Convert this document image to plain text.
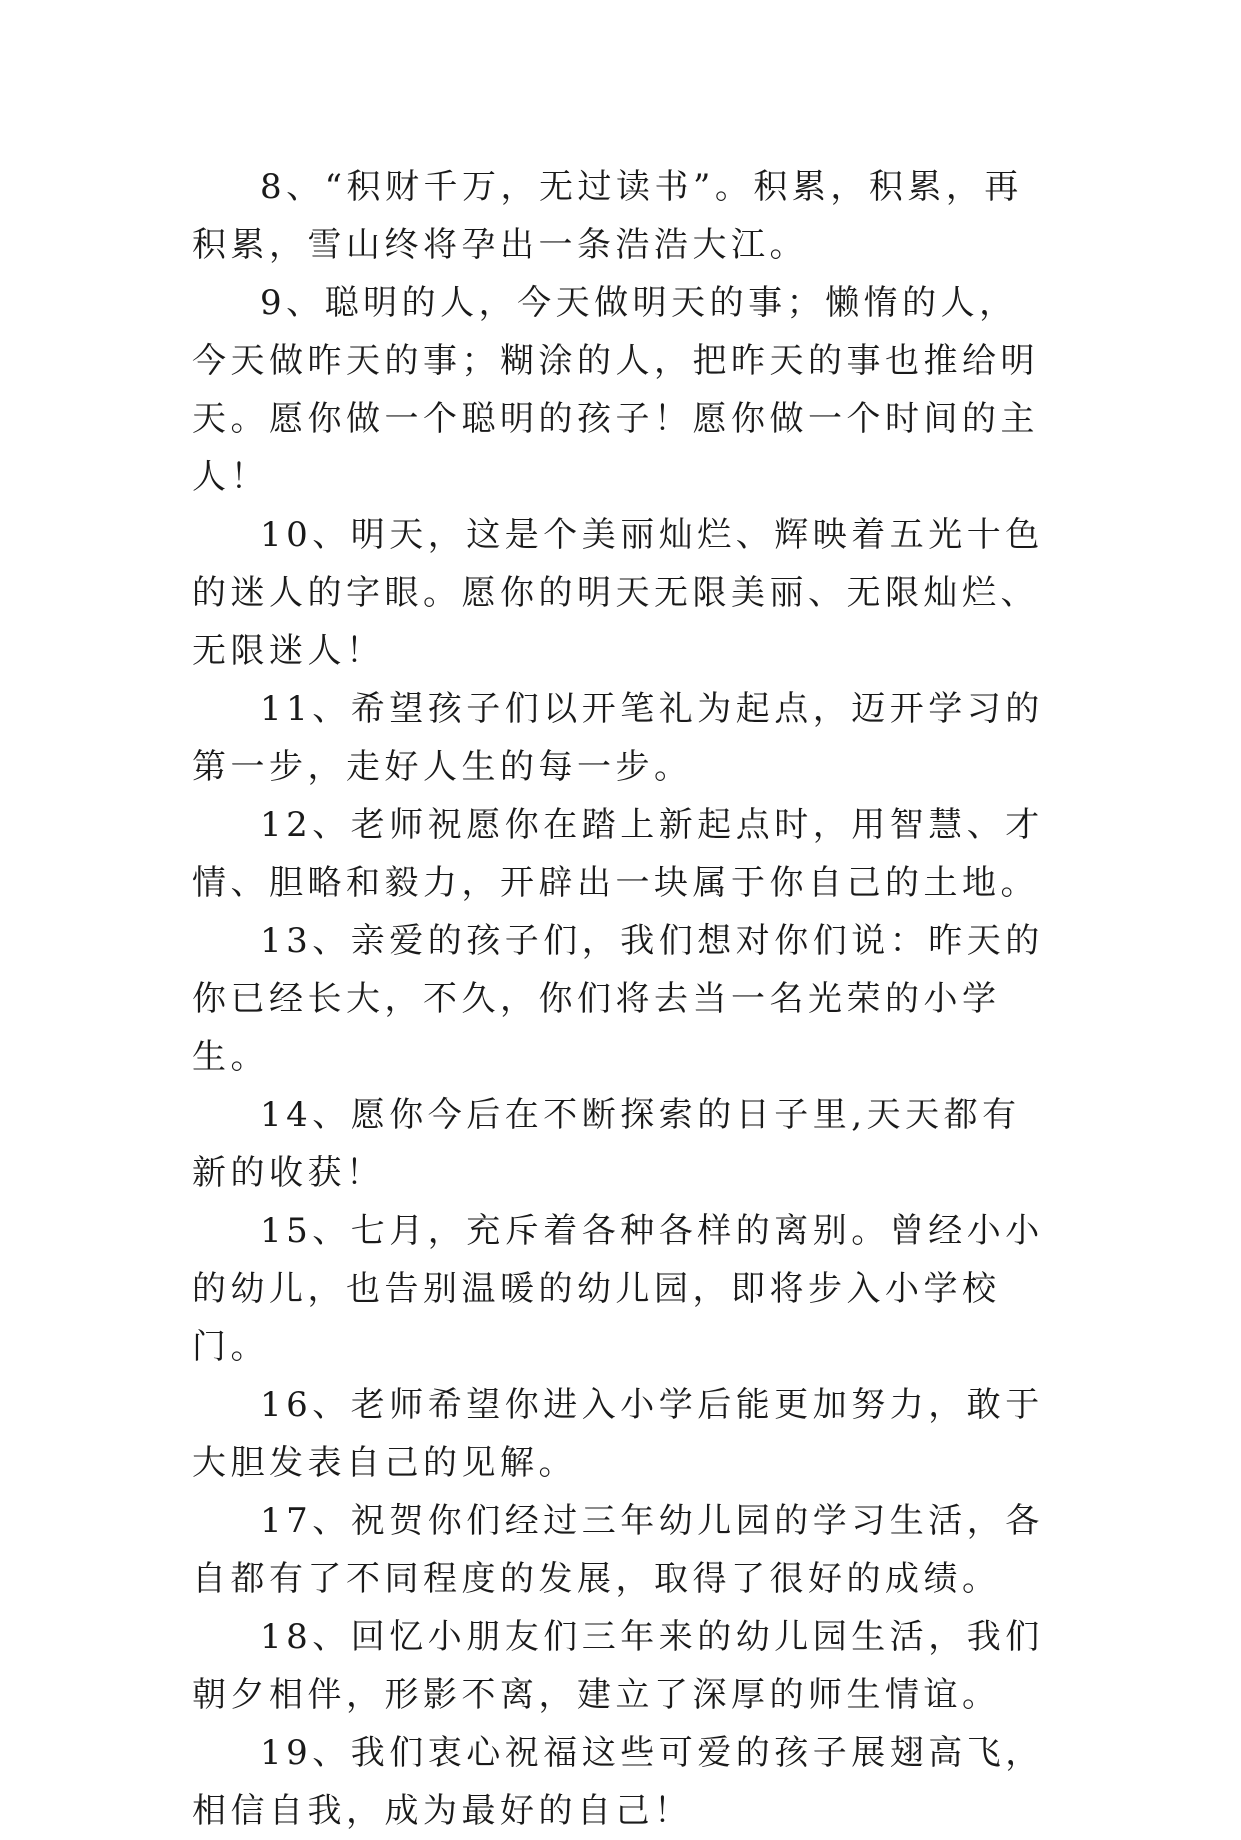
8、“积财千万，无过读书”。积累，积累，再积累，雪山终将孕出一条浩浩大江。

9、聪明的人，今天做明天的事；懒惰的人，今天做昨天的事；糊涂的人，把昨天的事也推给明天。愿你做一个聪明的孩子！愿你做一个时间的主人！

10、明天，这是个美丽灿烂、辉映着五光十色的迷人的字眼。愿你的明天无限美丽、无限灿烂、无限迷人！

11、希望孩子们以开笔礼为起点，迈开学习的第一步，走好人生的每一步。

12、老师祝愿你在踏上新起点时，用智慧、才情、胆略和毅力，开辟出一块属于你自己的土地。

13、亲爱的孩子们，我们想对你们说：昨天的你已经长大，不久，你们将去当一名光荣的小学生。

14、愿你今后在不断探索的日子里,天天都有新的收获！

15、七月，充斥着各种各样的离别。曾经小小的幼儿，也告别温暖的幼儿园，即将步入小学校门。

16、老师希望你进入小学后能更加努力，敢于大胆发表自己的见解。

17、祝贺你们经过三年幼儿园的学习生活，各自都有了不同程度的发展，取得了很好的成绩。

18、回忆小朋友们三年来的幼儿园生活，我们朝夕相伴，形影不离，建立了深厚的师生情谊。

19、我们衷心祝福这些可爱的孩子展翅高飞，相信自我，成为最好的自己！
